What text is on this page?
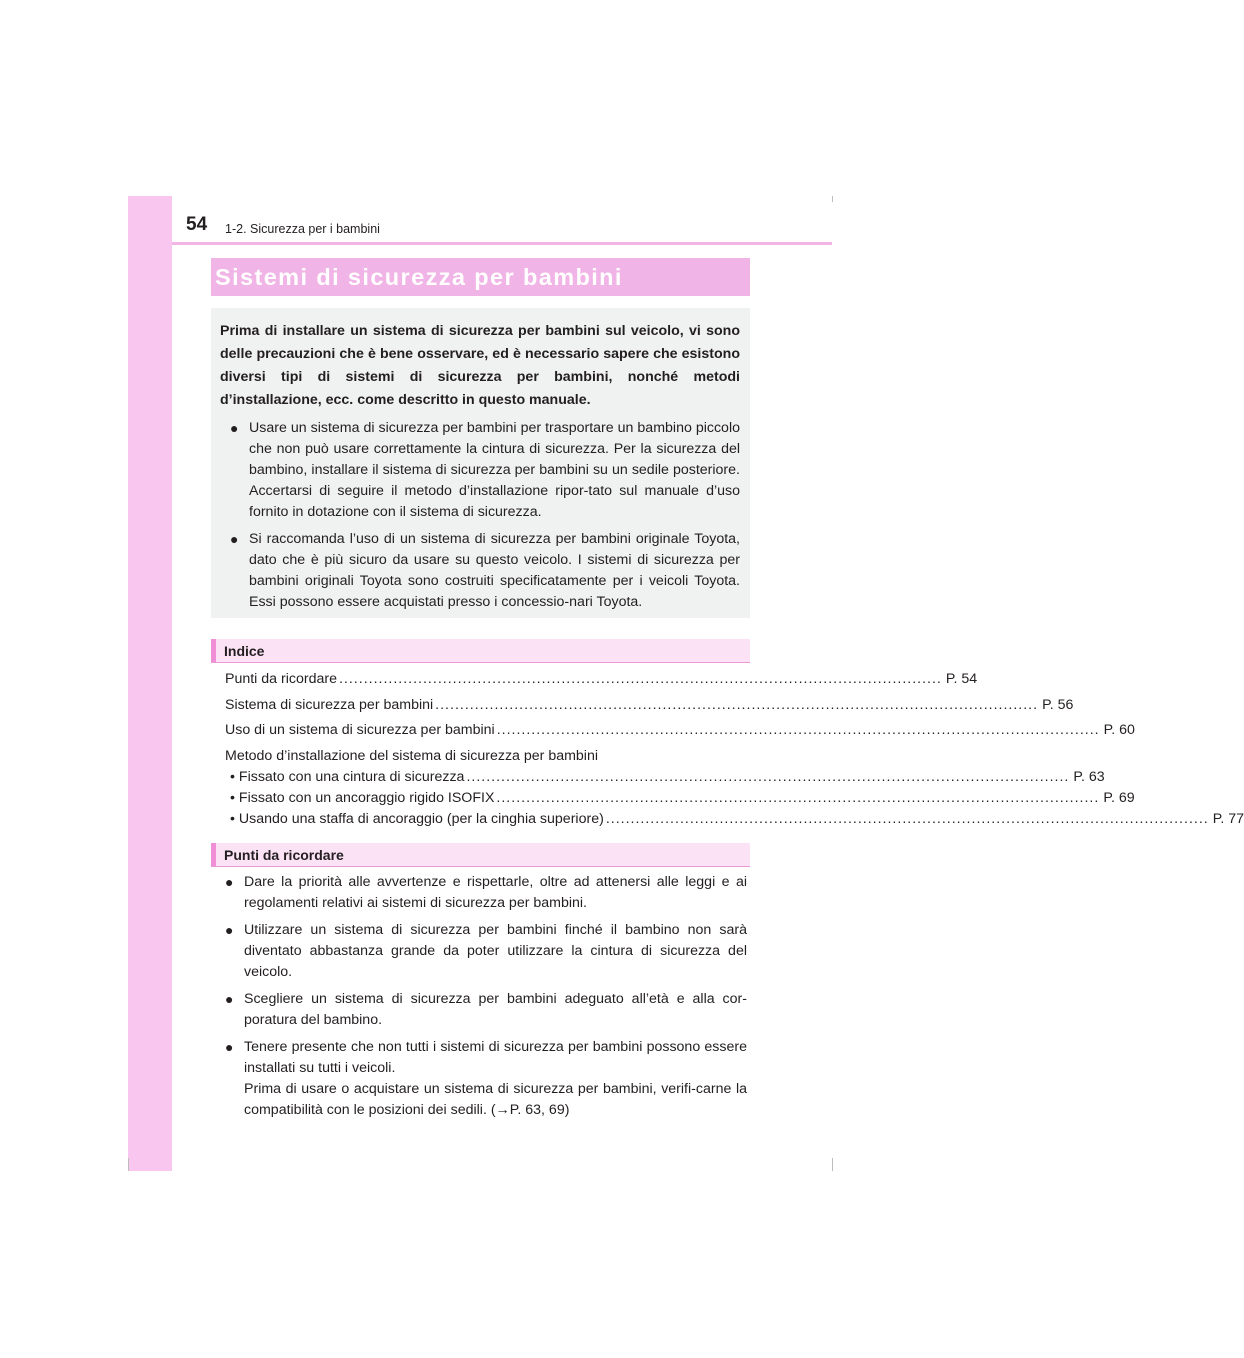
54 1-2. Sicurezza per i bambini
Sistemi di sicurezza per bambini

Prima di installare un sistema di sicurezza per bambini sul veicolo, vi sono delle precauzioni che è bene osservare, ed è necessario sapere che esistono diversi tipi di sistemi di sicurezza per bambini, nonché metodi d’installazione, ecc. come descritto in questo manuale.

● Usare un sistema di sicurezza per bambini per trasportare un bambino piccolo che non può usare correttamente la cintura di sicurezza. Per la sicurezza del bambino, installare il sistema di sicurezza per bambini su un sedile posteriore. Accertarsi di seguire il metodo d’installazione ripor-tato sul manuale d’uso fornito in dotazione con il sistema di sicurezza.
● Si raccomanda l’uso di un sistema di sicurezza per bambini originale Toyota, dato che è più sicuro da usare su questo veicolo. I sistemi di sicurezza per bambini originali Toyota sono costruiti specificatamente per i veicoli Toyota. Essi possono essere acquistati presso i concessio-nari Toyota.
Indice
Punti da ricordare .......................................................................................................................... P. 54
Sistema di sicurezza per bambini .......................................................................................................................... P. 56
Uso di un sistema di sicurezza per bambini .......................................................................................................................... P. 60
Metodo d’installazione del sistema di sicurezza per bambini
• Fissato con una cintura di sicurezza .......................................................................................................................... P. 63
• Fissato con un ancoraggio rigido ISOFIX .......................................................................................................................... P. 69
• Usando una staffa di ancoraggio (per la cinghia superiore) .......................................................................................................................... P. 77
Punti da ricordare
● Dare la priorità alle avvertenze e rispettarle, oltre ad attenersi alle leggi e ai regolamenti relativi ai sistemi di sicurezza per bambini.
● Utilizzare un sistema di sicurezza per bambini finché il bambino non sarà diventato abbastanza grande da poter utilizzare la cintura di sicurezza del veicolo.
● Scegliere un sistema di sicurezza per bambini adeguato all’età e alla cor-poratura del bambino.
● Tenere presente che non tutti i sistemi di sicurezza per bambini possono essere installati su tutti i veicoli.
Prima di usare o acquistare un sistema di sicurezza per bambini, verifi-carne la compatibilità con le posizioni dei sedili. (→P. 63, 69)
